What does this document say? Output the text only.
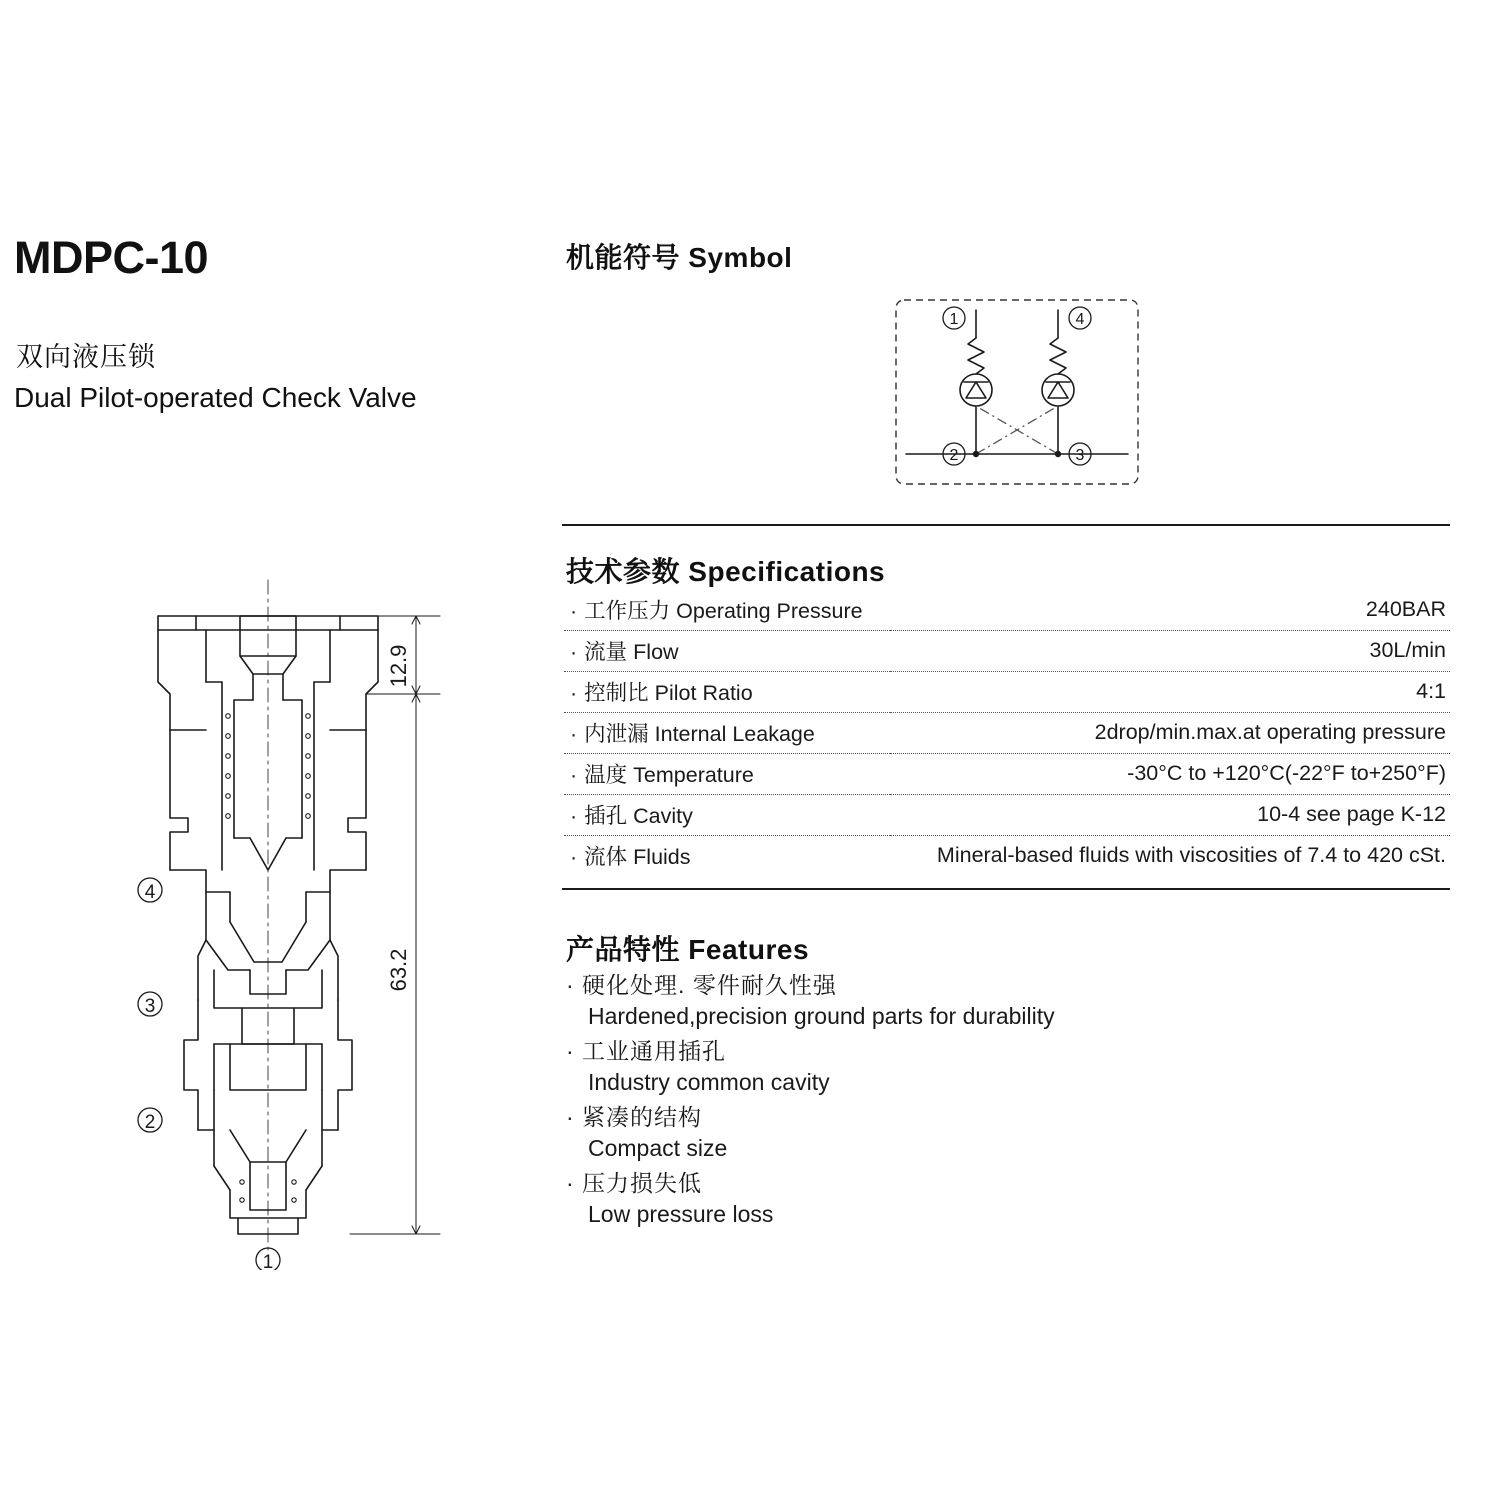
MDPC-10
双向液压锁
Dual Pilot-operated Check Valve
12.9
63.2
4
3
2
1
机能符号 Symbol
1	4
2	3
技术参数 Specifications
· 工作压力 Operating Pressure	240BAR
· 流量 Flow	30L/min
· 控制比 Pilot Ratio	4:1
· 内泄漏 Internal Leakage	2drop/min.max.at operating pressure
· 温度 Temperature	-30°C to +120°C(-22°F to+250°F)
· 插孔 Cavity	10-4 see page K-12
· 流体 Fluids	Mineral-based fluids with viscosities of 7.4 to 420 cSt.
产品特性 Features
· 硬化处理. 零件耐久性强
Hardened,precision ground parts for durability
· 工业通用插孔
Industry common cavity
· 紧凑的结构
Compact size
· 压力损失低
Low pressure loss
